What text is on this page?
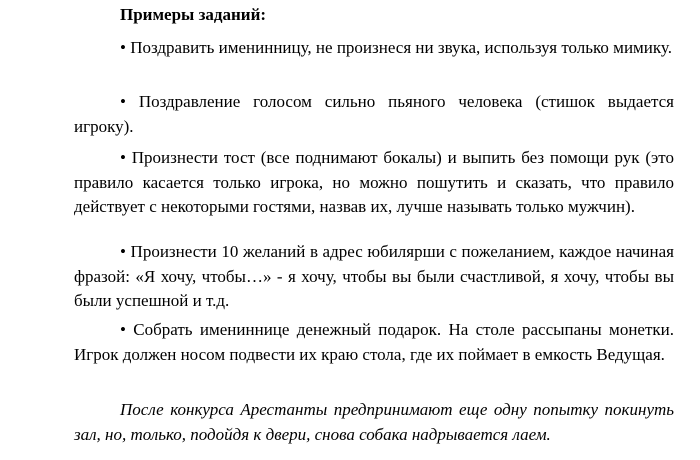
Примеры заданий:

• Поздравить именинницу, не произнеся ни звука, используя только мимику.

• Поздравление голосом сильно пьяного человека (стишок выдается игроку).

• Произнести тост (все поднимают бокалы) и выпить без помощи рук (это правило касается только игрока, но можно пошутить и сказать, что правило действует с некоторыми гостями, назвав их, лучше называть только мужчин).

• Произнести 10 желаний в адрес юбилярши с пожеланием, каждое начиная фразой: «Я хочу, чтобы…» - я хочу, чтобы вы были счастливой, я хочу, чтобы вы были успешной и т.д.

• Собрать имениннице денежный подарок. На столе рассыпаны монетки. Игрок должен носом подвести их краю стола, где их поймает в емкость Ведущая.

После конкурса Арестанты предпринимают еще одну попытку покинуть зал, но, только, подойдя к двери, снова собака надрывается лаем.
